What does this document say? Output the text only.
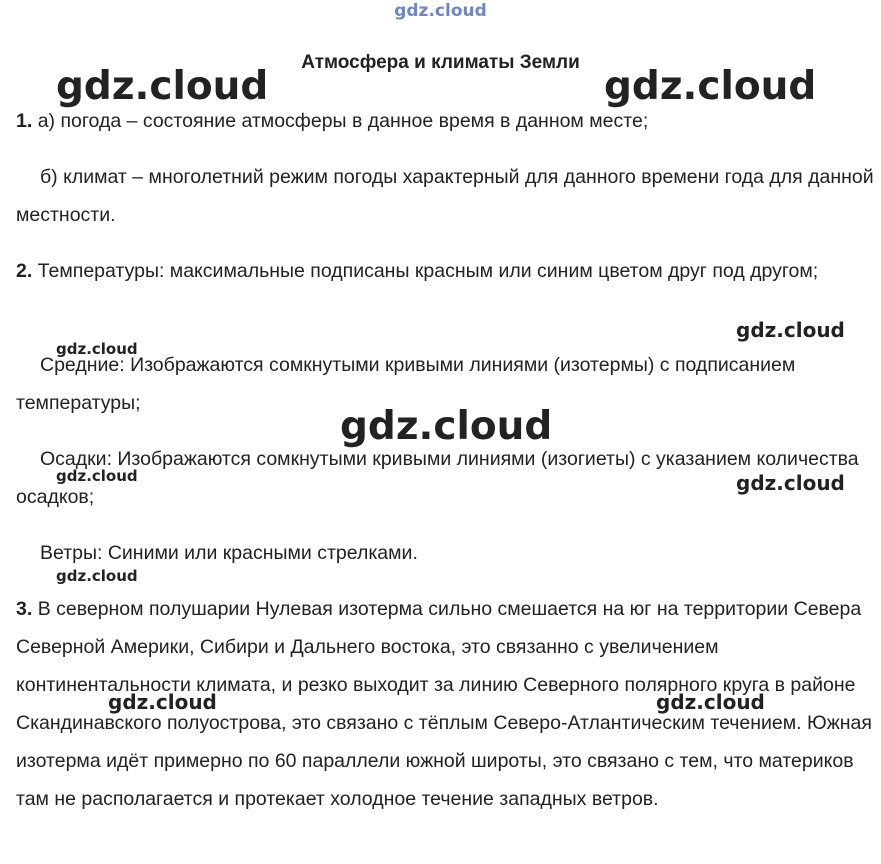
gdz.cloud
Атмосфера и климаты Земли
1. а) погода – состояние атмосферы в данное время в данном месте;
б) климат – многолетний режим погоды характерный для данного времени года для данной местности.
2. Температуры: максимальные подписаны красным или синим цветом друг под другом;
Средние: Изображаются сомкнутыми кривыми линиями (изотермы) с подписанием температуры;
Осадки: Изображаются сомкнутыми кривыми линиями (изогиеты) с указанием количества осадков;
Ветры: Синими или красными стрелками.
3. В северном полушарии Нулевая изотерма сильно смешается на юг на территории Севера Северной Америки, Сибири и Дальнего востока, это связанно с увеличением континентальности климата, и резко выходит за линию Северного полярного круга в районе Скандинавского полуострова, это связано с тёплым Северо-Атлантическим течением. Южная изотерма идёт примерно по 60 параллели южной широты, это связано с тем, что материков там не располагается и протекает холодное течение западных ветров.
gdz.cloud	gdz.cloud
gdz.cloud
gdz.cloud
gdz.cloud
gdz.cloud	gdz.cloud
gdz.cloud
gdz.cloud	gdz.cloud
